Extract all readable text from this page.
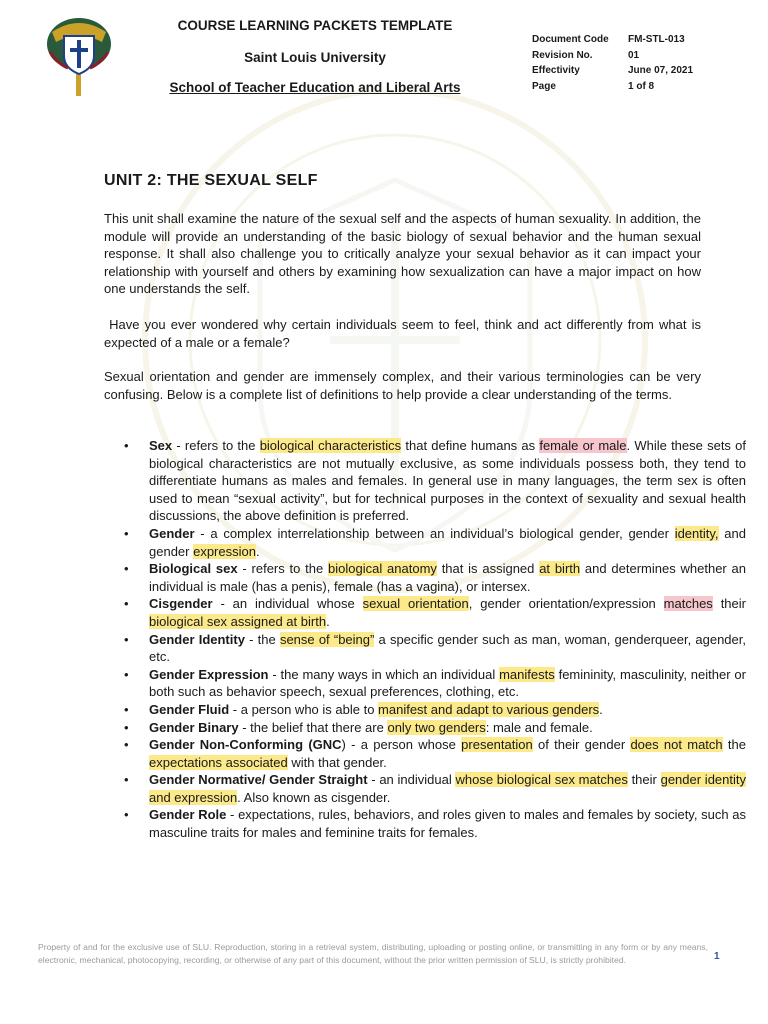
COURSE LEARNING PACKETS TEMPLATE
Saint Louis University
School of Teacher Education and Liberal Arts
Document Code	FM-STL-013
Revision No.	01
Effectivity	June 07, 2021
Page	1 of 8
UNIT 2: THE SEXUAL SELF

This unit shall examine the nature of the sexual self and the aspects of human sexuality. In addition, the module will provide an understanding of the basic biology of sexual behavior and the human sexual response. It shall also challenge you to critically analyze your sexual behavior as it can impact your relationship with yourself and others by examining how sexualization can have a major impact on how one understands the self.

Have you ever wondered why certain individuals seem to feel, think and act differently from what is expected of a male or a female?

Sexual orientation and gender are immensely complex, and their various terminologies can be very confusing. Below is a complete list of definitions to help provide a clear understanding of the terms.

• Sex - refers to the biological characteristics that define humans as female or male. While these sets of biological characteristics are not mutually exclusive, as some individuals possess both, they tend to differentiate humans as males and females. In general use in many languages, the term sex is often used to mean “sexual activity”, but for technical purposes in the context of sexuality and sexual health discussions, the above definition is preferred.
• Gender - a complex interrelationship between an individual’s biological gender, gender identity, and gender expression.
• Biological sex - refers to the biological anatomy that is assigned at birth and determines whether an individual is male (has a penis), female (has a vagina), or intersex.
• Cisgender - an individual whose sexual orientation, gender orientation/expression matches their biological sex assigned at birth.
• Gender Identity - the sense of “being” a specific gender such as man, woman, genderqueer, agender, etc.
• Gender Expression - the many ways in which an individual manifests femininity, masculinity, neither or both such as behavior speech, sexual preferences, clothing, etc.
• Gender Fluid - a person who is able to manifest and adapt to various genders.
• Gender Binary - the belief that there are only two genders: male and female.
• Gender Non-Conforming (GNC) - a person whose presentation of their gender does not match the expectations associated with that gender.
• Gender Normative/ Gender Straight - an individual whose biological sex matches their gender identity and expression. Also known as cisgender.
• Gender Role - expectations, rules, behaviors, and roles given to males and females by society, such as masculine traits for males and feminine traits for females.
Property of and for the exclusive use of SLU. Reproduction, storing in a retrieval system, distributing, uploading or posting online, or transmitting in any form or by any means, electronic, mechanical, photocopying, recording, or otherwise of any part of this document, without the prior written permission of SLU, is strictly prohibited.	1
